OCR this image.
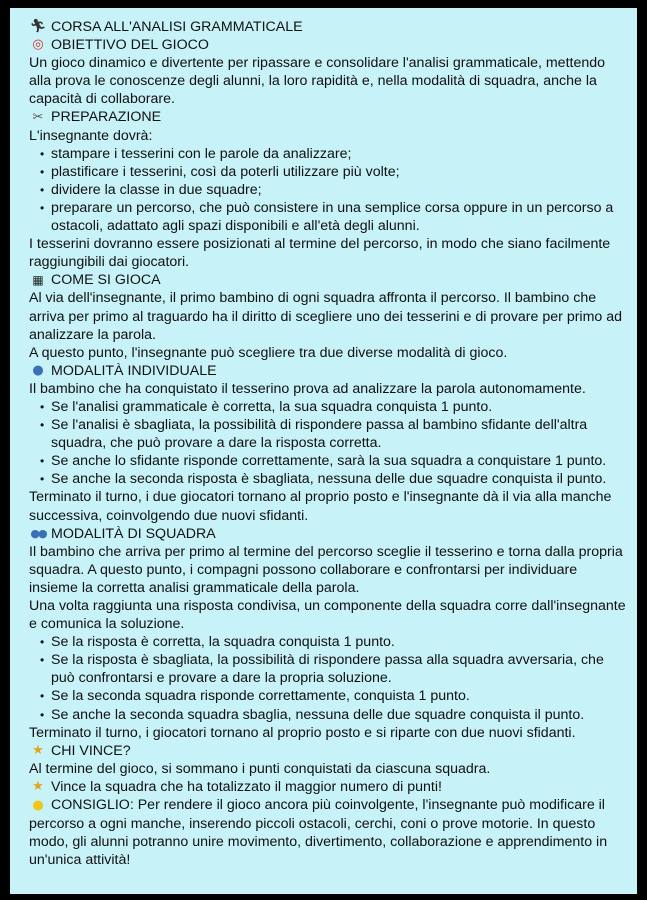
🏃︎ CORSA ALL'ANALISI GRAMMATICALE
◎ OBIETTIVO DEL GIOCO

Un gioco dinamico e divertente per ripassare e consolidare l'analisi grammaticale, mettendo alla prova le conoscenze degli alunni, la loro rapidità e, nella modalità di squadra, anche la capacità di collaborare.

✂ PREPARAZIONE

L'insegnante dovrà:

• stampare i tesserini con le parole da analizzare;
• plastificare i tesserini, così da poterli utilizzare più volte;
• dividere la classe in due squadre;
• preparare un percorso, che può consistere in una semplice corsa oppure in un percorso a ostacoli, adattato agli spazi disponibili e all'età degli alunni.

I tesserini dovranno essere posizionati al termine del percorso, in modo che siano facilmente raggiungibili dai giocatori.

▦ COME SI GIOCA

Al via dell'insegnante, il primo bambino di ogni squadra affronta il percorso. Il bambino che arriva per primo al traguardo ha il diritto di scegliere uno dei tesserini e di provare per primo ad analizzare la parola.

A questo punto, l'insegnante può scegliere tra due diverse modalità di gioco.

● MODALITÀ INDIVIDUALE

Il bambino che ha conquistato il tesserino prova ad analizzare la parola autonomamente.

• Se l'analisi grammaticale è corretta, la sua squadra conquista 1 punto.
• Se l'analisi è sbagliata, la possibilità di rispondere passa al bambino sfidante dell'altra squadra, che può provare a dare la risposta corretta.
• Se anche lo sfidante risponde correttamente, sarà la sua squadra a conquistare 1 punto.
• Se anche la seconda risposta è sbagliata, nessuna delle due squadre conquista il punto.

Terminato il turno, i due giocatori tornano al proprio posto e l'insegnante dà il via alla manche successiva, coinvolgendo due nuovi sfidanti.

●● MODALITÀ DI SQUADRA

Il bambino che arriva per primo al termine del percorso sceglie il tesserino e torna dalla propria squadra. A questo punto, i compagni possono collaborare e confrontarsi per individuare insieme la corretta analisi grammaticale della parola.

Una volta raggiunta una risposta condivisa, un componente della squadra corre dall'insegnante e comunica la soluzione.

• Se la risposta è corretta, la squadra conquista 1 punto.
• Se la risposta è sbagliata, la possibilità di rispondere passa alla squadra avversaria, che può confrontarsi e provare a dare la propria soluzione.
• Se la seconda squadra risponde correttamente, conquista 1 punto.
• Se anche la seconda squadra sbaglia, nessuna delle due squadre conquista il punto.

Terminato il turno, i giocatori tornano al proprio posto e si riparte con due nuovi sfidanti.

★ CHI VINCE?

Al termine del gioco, si sommano i punti conquistati da ciascuna squadra.

★ Vince la squadra che ha totalizzato il maggior numero di punti!

● CONSIGLIO: Per rendere il gioco ancora più coinvolgente, l'insegnante può modificare il percorso a ogni manche, inserendo piccoli ostacoli, cerchi, coni o prove motorie. In questo modo, gli alunni potranno unire movimento, divertimento, collaborazione e apprendimento in un'unica attività!
